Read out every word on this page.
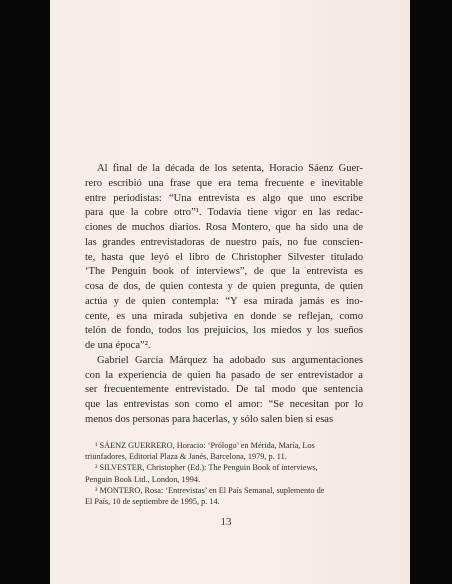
Al final de la década de los setenta, Horacio Sáenz Guer-
rero escribió una frase que era tema frecuente e inevitable
entre periodistas: “Una entrevista es algo que uno escribe
para que la cobre otro”¹. Todavía tiene vigor en las redac-
ciones de muchos diarios. Rosa Montero, que ha sido una de
las grandes entrevistadoras de nuestro país, no fue conscien-
te, hasta que leyó el libro de Christopher Silvester titulado
‘The Penguin book of interviews”, de que la entrevista es
cosa de dos, de quien contesta y de quien pregunta, de quien
actúa y de quien contempla: “Y esa mirada jamás es ino-
cente, es una mirada subjetiva en donde se reflejan, como
telón de fondo, todos los prejuicios, los miedos y los sueños
de una época”².
Gabriel García Márquez ha adobado sus argumentaciones
con la experiencia de quien ha pasado de ser entrevistador a
ser frecuentemente entrevistado. De tal modo que sentencia
que las entrevistas son como el amor: “Se necesitan por lo
menos dos personas para hacerlas, y sólo salen bien si esas
¹ SÁENZ GUERRERO, Horacio: ‘Prólogo’ en Mérida, María, Los
triunfadores, Editorial Plaza & Janés, Barcelona, 1979, p. 11.
² SILVESTER, Christopher (Ed.): The Penguin Book of interviews,
Penguin Book Ltd., London, 1994.
³ MONTERO, Rosa: ‘Entrevistas’ en El País Semanal, suplemento de
El País, 10 de septiembre de 1995, p. 14.
13
